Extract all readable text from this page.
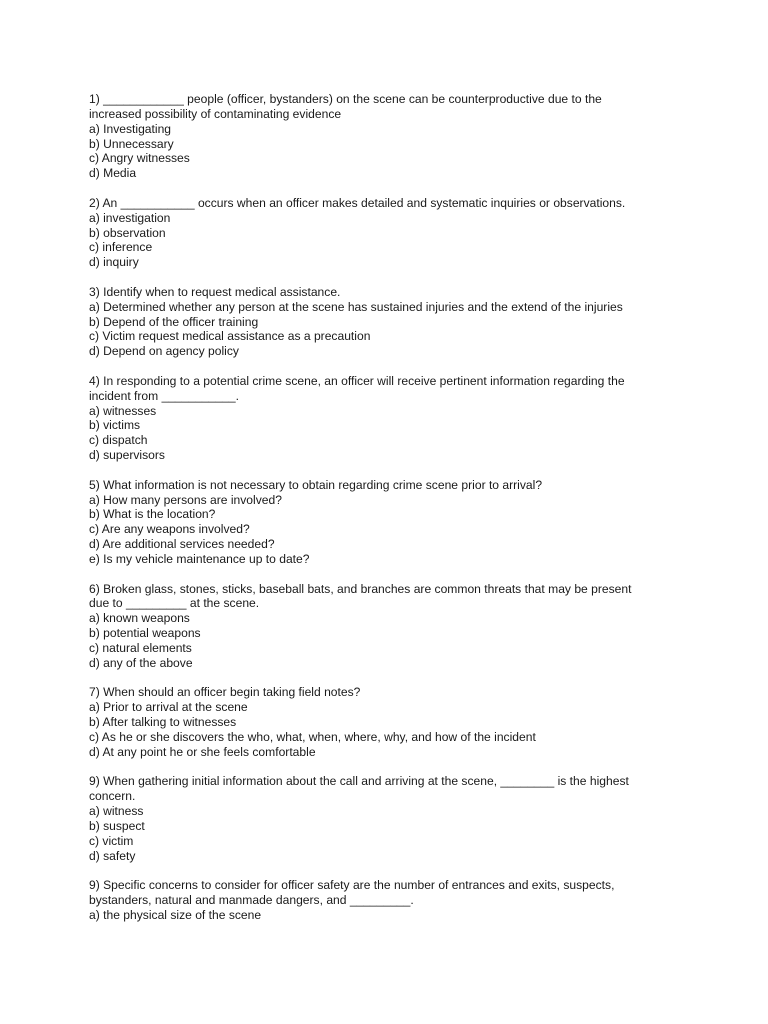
1) ____________ people (officer, bystanders) on the scene can be counterproductive due to the
increased possibility of contaminating evidence
a) Investigating
b) Unnecessary
c) Angry witnesses
d) Media
2) An ___________ occurs when an officer makes detailed and systematic inquiries or observations.
a) investigation
b) observation
c) inference
d) inquiry
3) Identify when to request medical assistance.
a) Determined whether any person at the scene has sustained injuries and the extend of the injuries
b) Depend of the officer training
c) Victim request medical assistance as a precaution
d) Depend on agency policy
4) In responding to a potential crime scene, an officer will receive pertinent information regarding the
incident from ___________.
a) witnesses
b) victims
c) dispatch
d) supervisors
5) What information is not necessary to obtain regarding crime scene prior to arrival?
a) How many persons are involved?
b) What is the location?
c) Are any weapons involved?
d) Are additional services needed?
e) Is my vehicle maintenance up to date?
6) Broken glass, stones, sticks, baseball bats, and branches are common threats that may be present
due to _________ at the scene.
a) known weapons
b) potential weapons
c) natural elements
d) any of the above
7) When should an officer begin taking field notes?
a) Prior to arrival at the scene
b) After talking to witnesses
c) As he or she discovers the who, what, when, where, why, and how of the incident
d) At any point he or she feels comfortable
9) When gathering initial information about the call and arriving at the scene, ________ is the highest
concern.
a) witness
b) suspect
c) victim
d) safety
9) Specific concerns to consider for officer safety are the number of entrances and exits, suspects,
bystanders, natural and manmade dangers, and _________.
a) the physical size of the scene
